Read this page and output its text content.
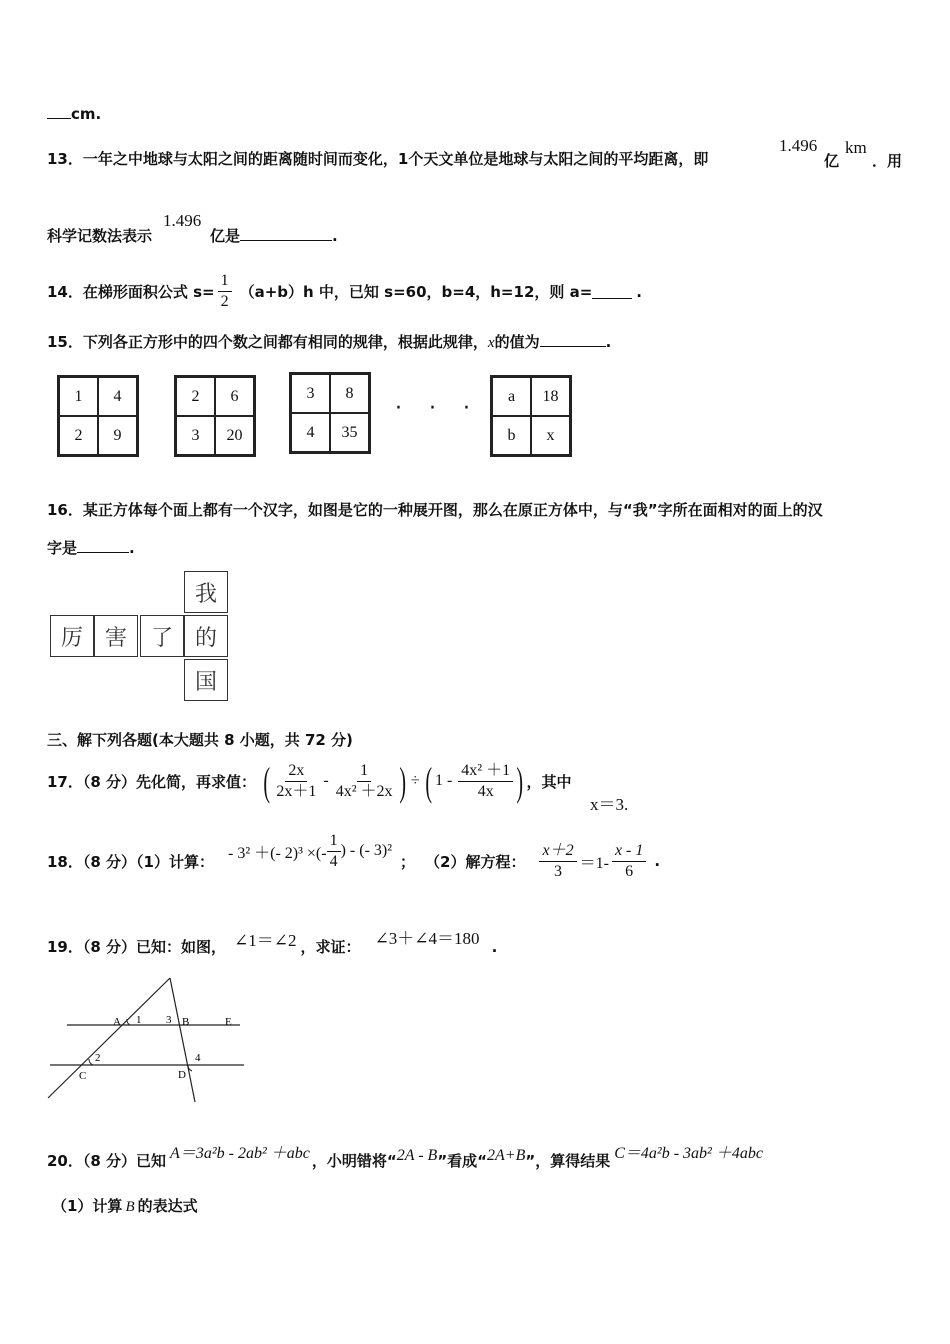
cm.
13．一年之中地球与太阳之间的距离随时间而变化，1个天文单位是地球与太阳之间的平均距离，即
1.496
亿
km
．用
科学记数法表示
1.496
亿是	.
14．在梯形面积公式 $s= \frac{1}{2} (a+b)h$ 中，已知 s=60，b=4，h=12，则 a=	.
15．下列各正方形中的四个数之间都有相同的规律，根据此规律，x的值为	.
1	4
2	9
2	6
3	20
3	8
4	35
· · ·	a	18
b	x
16．某正方体每个面上都有一个汉字，如图是它的一种展开图，那么在原正方体中，与“我”字所在面相对的面上的汉
字是	.
我
厉 害	了 的
国
三、解下列各题(本大题共 8 小题，共 72 分)
17．（8 分）先化简，再求值： ( $\frac{2x}{2x+1} - \frac{1}{\text{4x² ＋2x}}$ ) ÷ ( $1 - \frac{\text{4x² ＋1}}{4x}$ ) ，其中
x＝3.
18．（8 分）（1）计算： - 3² ＋(- 2)³ ×(- $\frac{1}{4}$ ) - (- 3)²
； （2）解方程： $\frac{x+2}{3} =1- \frac{x - 1}{6}$ .
19．（8 分）已知：如图， ∠1＝∠2 ，求证： ∠3＋∠4＝180 .
A 1 3 B	E
2
C	D
4
20．（8 分）已知 A＝3a²b - 2ab² ＋abc ，小明错将“ 2A - B ”看成“ 2A+B ”，算得结果 C＝4a²b - 3ab² ＋4abc
（1）计算 B 的表达式
